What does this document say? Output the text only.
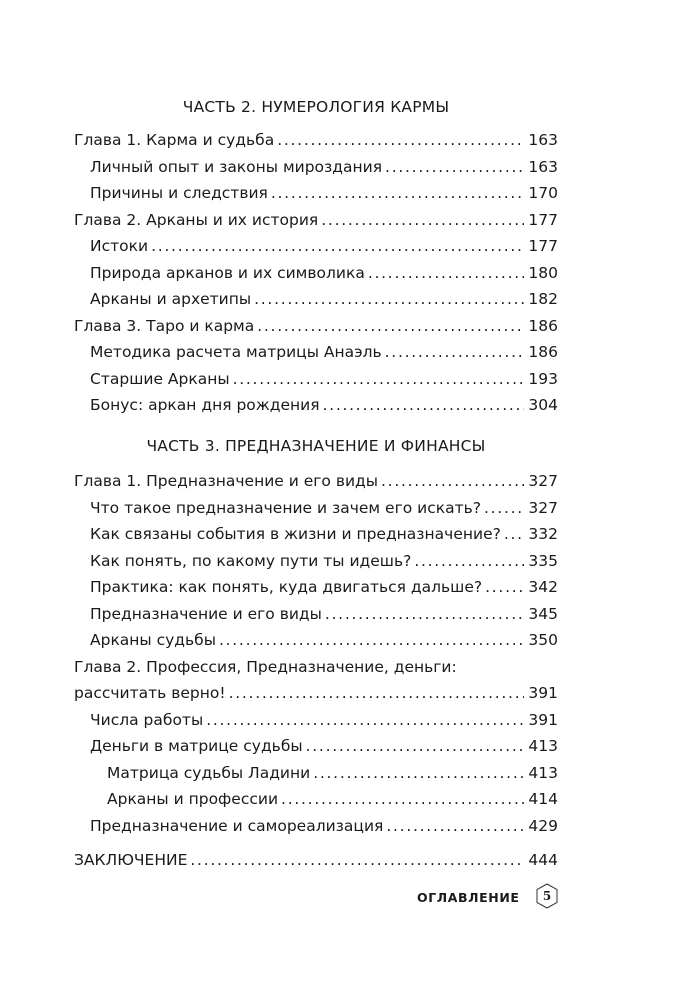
ЧАСТЬ 2. НУМЕРОЛОГИЯ КАРМЫ
Глава 1. Карма и судьба . . .	163
Личный опыт и законы мироздания . . .	163
Причины и следствия . . .	170
Глава 2. Арканы и их история . . .	177
Истоки . . .	177
Природа арканов и их символика . . .	180
Арканы и архетипы . . .	182
Глава 3. Таро и карма . . .	186
Методика расчета матрицы Анаэль . . .	186
Старшие Арканы . . .	193
Бонус: аркан дня рождения . . .	304
ЧАСТЬ 3. ПРЕДНАЗНАЧЕНИЕ И ФИНАНСЫ
Глава 1. Предназначение и его виды . . .	327
Что такое предназначение и зачем его искать? . . .	327
Как связаны события в жизни и предназначение? . . . 332
Как понять, по какому пути ты идешь? . . .	335
Практика: как понять, куда двигаться дальше? . . .	342
Предназначение и его виды . . .	345
Арканы судьбы . . .	350
Глава 2. Профессия, Предназначение, деньги:
рассчитать верно! . . .	391
Числа работы . . .	391
Деньги в матрице судьбы . . .	413
Матрица судьбы Ладини . . .	413
Арканы и профессии . . .	414
Предназначение и самореализация . . .	429
ЗАКЛЮЧЕНИЕ . . .	444
ОГЛАВЛЕНИЕ	5
